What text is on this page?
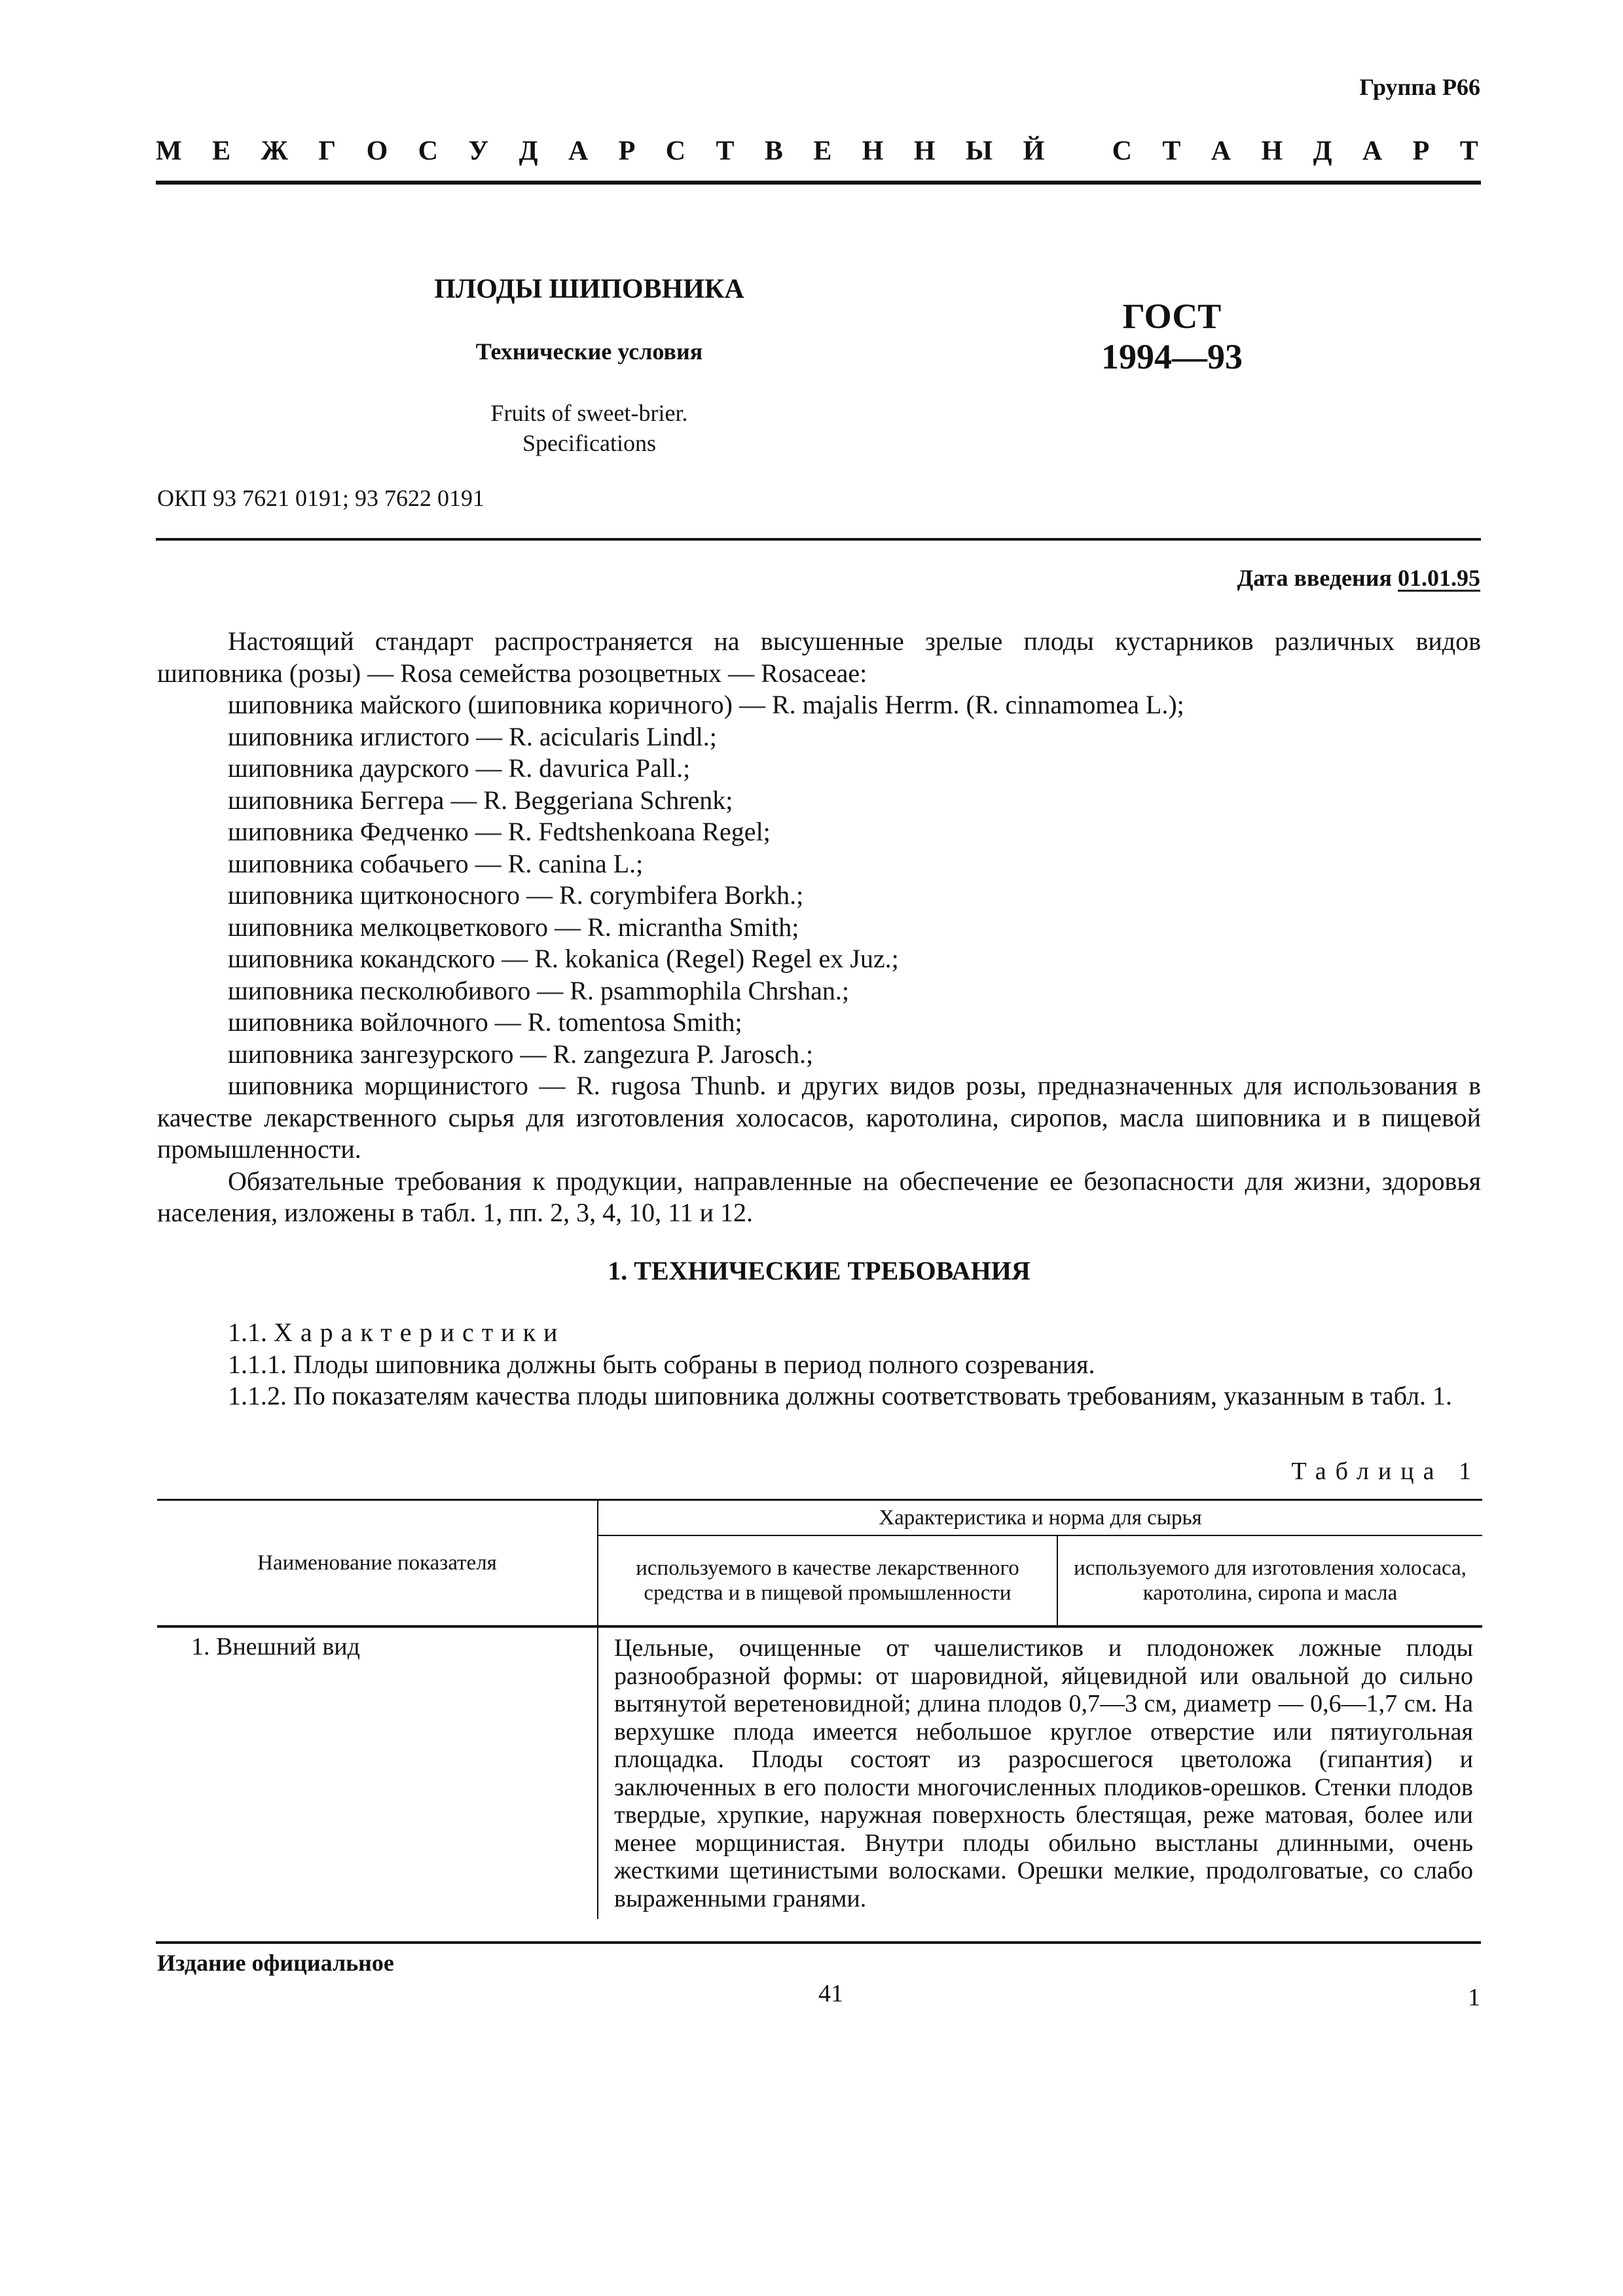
Группа Р66
М Е Ж Г О С У Д А Р С Т В Е Н Н Ы Й
С Т А Н Д А Р Т
ПЛОДЫ ШИПОВНИКА
Технические условия
Fruits of sweet-brier.
Specifications
ГОСТ
1994—93
ОКП 93 7621 0191; 93 7622 0191
Дата введения 01.01.95

Настоящий стандарт распространяется на высушенные зрелые плоды кустарников различных видов шиповника (розы) — Rosa семейства розоцветных — Rosaceae:

шиповника майского (шиповника коричного) — R. majalis Herrm. (R. cinnamomea L.);

шиповника иглистого — R. acicularis Lindl.;

шиповника даурского — R. davurica Pall.;

шиповника Беггера — R. Beggeriana Schrenk;

шиповника Федченко — R. Fedtshenkoana Regel;

шиповника собачьего — R. canina L.;

шиповника щитконосного — R. corymbifera Borkh.;

шиповника мелкоцветкового — R. micrantha Smith;

шиповника кокандского — R. kokanica (Regel) Regel ex Juz.;

шиповника песколюбивого — R. psammophila Chrshan.;

шиповника войлочного — R. tomentosa Smith;

шиповника зангезурского — R. zangezura P. Jarosch.;

шиповника морщинистого — R. rugosa Thunb. и других видов розы, предназначенных для использования в качестве лекарственного сырья для изготовления холосасов, каротолина, сиропов, масла шиповника и в пищевой промышленности.

Обязательные требования к продукции, направленные на обеспечение ее безопасности для жизни, здоровья населения, изложены в табл. 1, пп. 2, 3, 4, 10, 11 и 12.

1. ТЕХНИЧЕСКИЕ ТРЕБОВАНИЯ

1.1. Характеристики

1.1.1. Плоды шиповника должны быть собраны в период полного созревания.

1.1.2. По показателям качества плоды шиповника должны соответствовать требованиям, указанным в табл. 1.

Таблица 1
Наименование показателя	Характеристика и норма для сырья	
	используемого в качестве лекарственного средства и в пищевой промышленности	используемого для изготовления холосаса, каротолина, сиропа и масла
1. Внешний вид	Цельные, очищенные от чашелистиков и плодоножек ложные плоды разнообразной формы: от шаровидной, яйцевидной или овальной до сильно вытянутой веретеновидной; длина плодов 0,7—3 см, диаметр — 0,6—1,7 см. На верхушке плода имеется небольшое круглое отверстие или пятиугольная площадка. Плоды состоят из разросшегося цветоложа (гипантия) и заключенных в его полости многочисленных плодиков-орешков. Стенки плодов твердые, хрупкие, наружная поверхность блестящая, реже матовая, более или менее морщинистая. Внутри плоды обильно выстланы длинными, очень жесткими щетинистыми волосками. Орешки мелкие, продолговатые, со слабо выраженными гранями.	
Издание официальное
41	1
